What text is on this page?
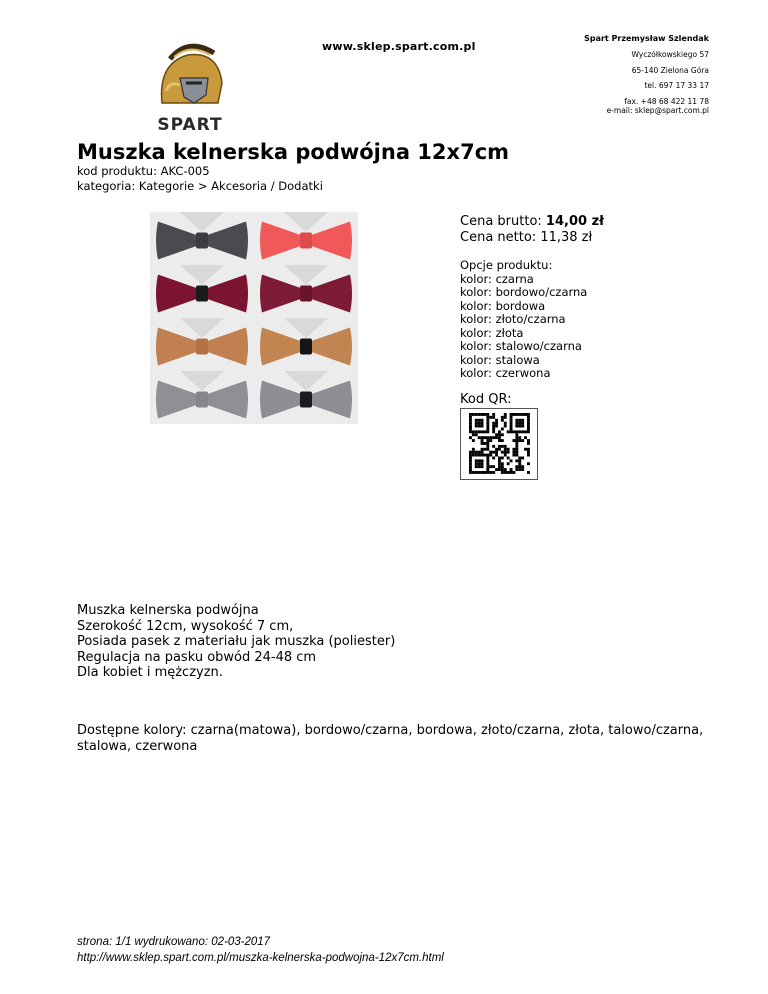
SPART
www.sklep.spart.com.pl
Spart Przemysław Szlendak
Wyczółkowskiego 57
65-140 Zielona Góra
tel. 697 17 33 17
fax. +48 68 422 11 78
e-mail: sklep@spart.com.pl
Muszka kelnerska podwójna 12x7cm
kod produktu: AKC-005
kategoria: Kategorie > Akcesoria / Dodatki
Cena brutto: 14,00 zł
Cena netto: 11,38 zł
Opcje produktu:
kolor: czarna
kolor: bordowo/czarna
kolor: bordowa
kolor: złoto/czarna
kolor: złota
kolor: stalowo/czarna
kolor: stalowa
kolor: czerwona
Kod QR:
Muszka kelnerska podwójna
Szerokość 12cm, wysokość 7 cm,
Posiada pasek z materiału jak muszka (poliester)
Regulacja na pasku obwód 24-48 cm
Dla kobiet i mężczyzn.
Dostępne kolory: czarna(matowa), bordowo/czarna, bordowa, złoto/czarna, złota, talowo/czarna, stalowa, czerwona
strona: 1/1 wydrukowano: 02-03-2017
http://www.sklep.spart.com.pl/muszka-kelnerska-podwojna-12x7cm.html
